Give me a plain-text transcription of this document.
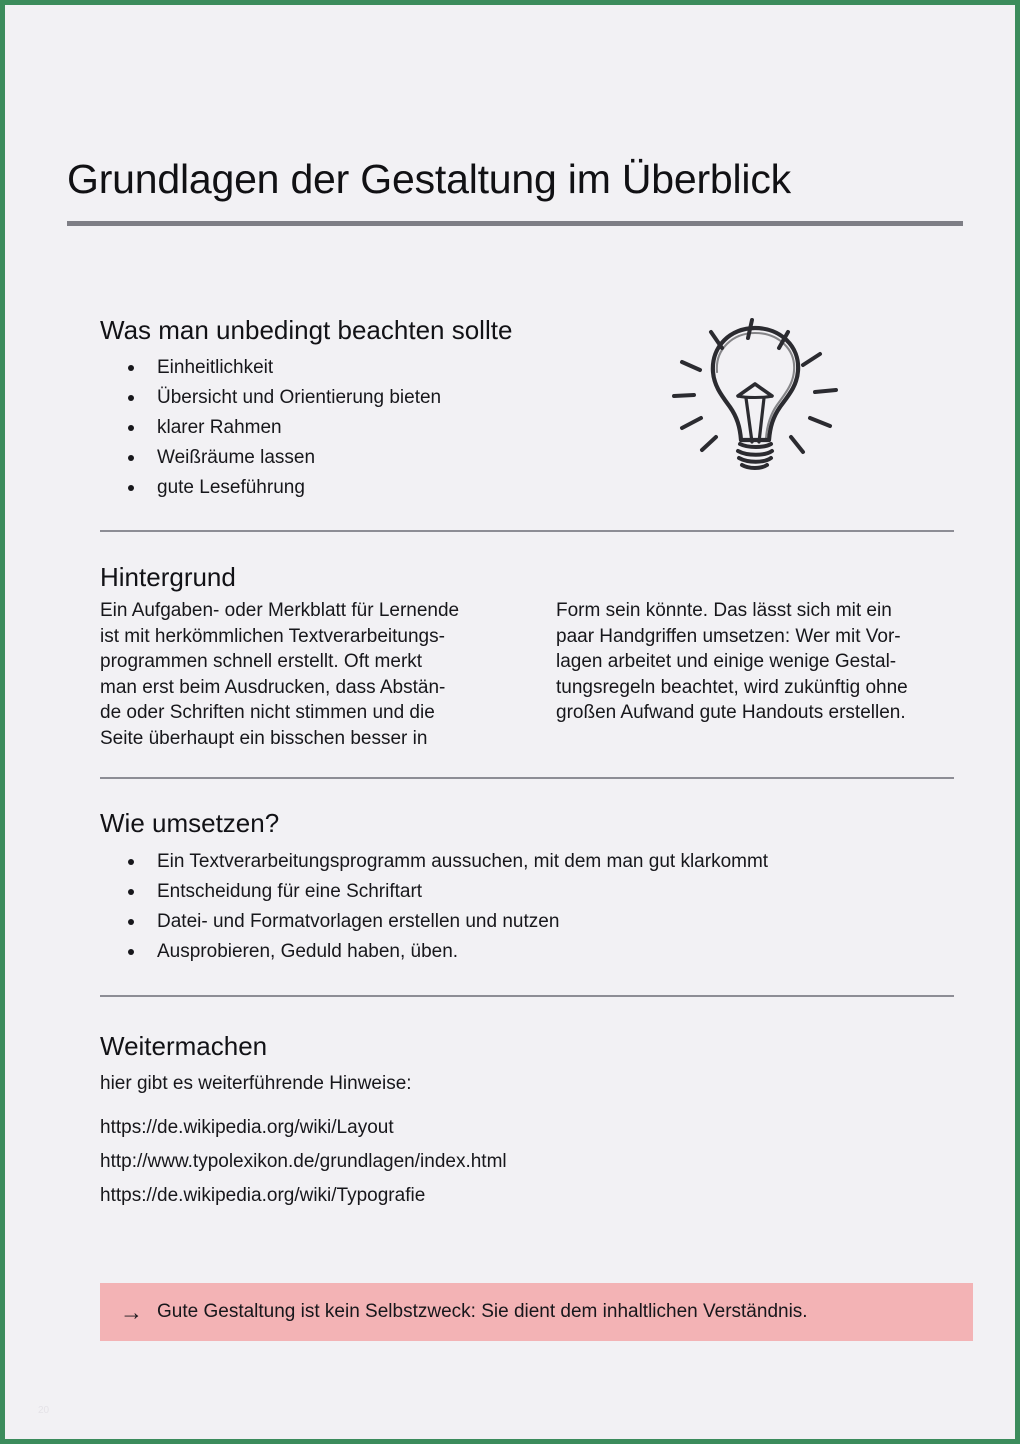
Grundlagen der Gestaltung im Überblick
Was man unbedingt beachten sollte
Einheitlichkeit
Übersicht und Orientierung bieten
klarer Rahmen
Weißräume lassen
gute Leseführung
Hintergrund

Ein Aufgaben- oder Merkblatt für Lernende
ist mit herkömmlichen Textverarbeitungs-
programmen schnell erstellt. Oft merkt
man erst beim Ausdrucken, dass Abstän-
de oder Schriften nicht stimmen und die
Seite überhaupt ein bisschen besser in

Form sein könnte. Das lässt sich mit ein
paar Handgriffen umsetzen: Wer mit Vor-
lagen arbeitet und einige wenige Gestal-
tungsregeln beachtet, wird zukünftig ohne
großen Aufwand gute Handouts erstellen.

Wie umsetzen?
Ein Textverarbeitungsprogramm aussuchen, mit dem man gut klarkommt
Entscheidung für eine Schriftart
Datei- und Formatvorlagen erstellen und nutzen
Ausprobieren, Geduld haben, üben.
Weitermachen

hier gibt es weiterführende Hinweise:

https://de.wikipedia.org/wiki/Layout
http://www.typolexikon.de/grundlagen/index.html
https://de.wikipedia.org/wiki/Typografie
→ Gute Gestaltung ist kein Selbstzweck: Sie dient dem inhaltlichen Verständnis.
20
